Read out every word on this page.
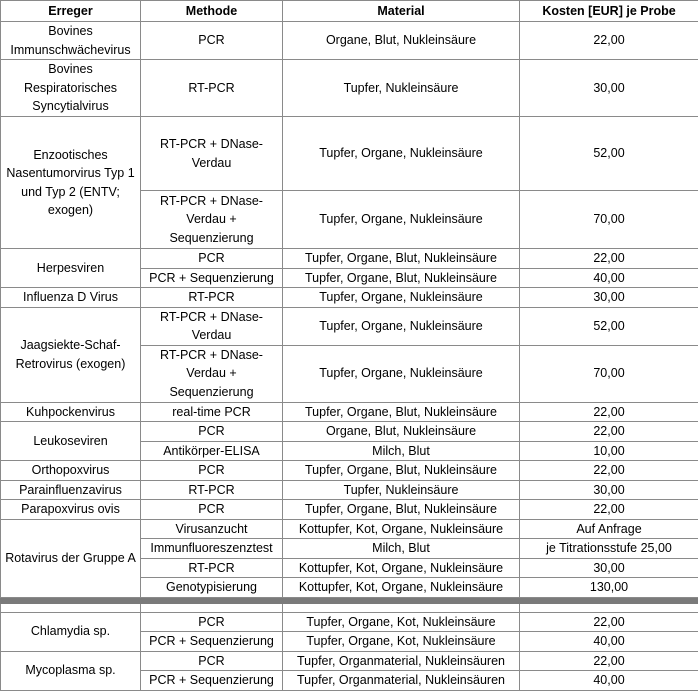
Erreger	Methode	Material	Kosten [EUR] je Probe
Bovines Immunschwächevirus	PCR	Organe, Blut, Nukleinsäure	22,00
Bovines Respiratorisches Syncytialvirus	RT-PCR	Tupfer, Nukleinsäure	30,00
Enzootisches Nasentumorvirus Typ 1 und Typ 2 (ENTV; exogen)	RT-PCR + DNase-Verdau	Tupfer, Organe, Nukleinsäure	52,00
	RT-PCR + DNase-Verdau + Sequenzierung	Tupfer, Organe, Nukleinsäure	70,00
Herpesviren	PCR	Tupfer, Organe, Blut, Nukleinsäure	22,00
	PCR + Sequenzierung	Tupfer, Organe, Blut, Nukleinsäure	40,00
Influenza D Virus	RT-PCR	Tupfer, Organe, Nukleinsäure	30,00
Jaagsiekte-Schaf-Retrovirus (exogen)	RT-PCR + DNase-Verdau	Tupfer, Organe, Nukleinsäure	52,00
	RT-PCR + DNase-Verdau + Sequenzierung	Tupfer, Organe, Nukleinsäure	70,00
Kuhpockenvirus	real-time PCR	Tupfer, Organe, Blut, Nukleinsäure	22,00
Leukoseviren	PCR	Organe, Blut, Nukleinsäure	22,00
	Antikörper-ELISA	Milch, Blut	10,00
Orthopoxvirus	PCR	Tupfer, Organe, Blut, Nukleinsäure	22,00
Parainfluenzavirus	RT-PCR	Tupfer, Nukleinsäure	30,00
Parapoxvirus ovis	PCR	Tupfer, Organe, Blut, Nukleinsäure	22,00
Rotavirus der Gruppe A	Virusanzucht	Kottupfer, Kot, Organe, Nukleinsäure	Auf Anfrage
	Immunfluoreszenztest	Milch, Blut	je Titrationsstufe 25,00
	RT-PCR	Kottupfer, Kot, Organe, Nukleinsäure	30,00
	Genotypisierung	Kottupfer, Kot, Organe, Nukleinsäure	130,00

Chlamydia sp.	PCR	Tupfer, Organe, Kot, Nukleinsäure	22,00
	PCR + Sequenzierung	Tupfer, Organe, Kot, Nukleinsäure	40,00
Mycoplasma sp.	PCR	Tupfer, Organmaterial, Nukleinsäuren	22,00
	PCR + Sequenzierung	Tupfer, Organmaterial, Nukleinsäuren	40,00
